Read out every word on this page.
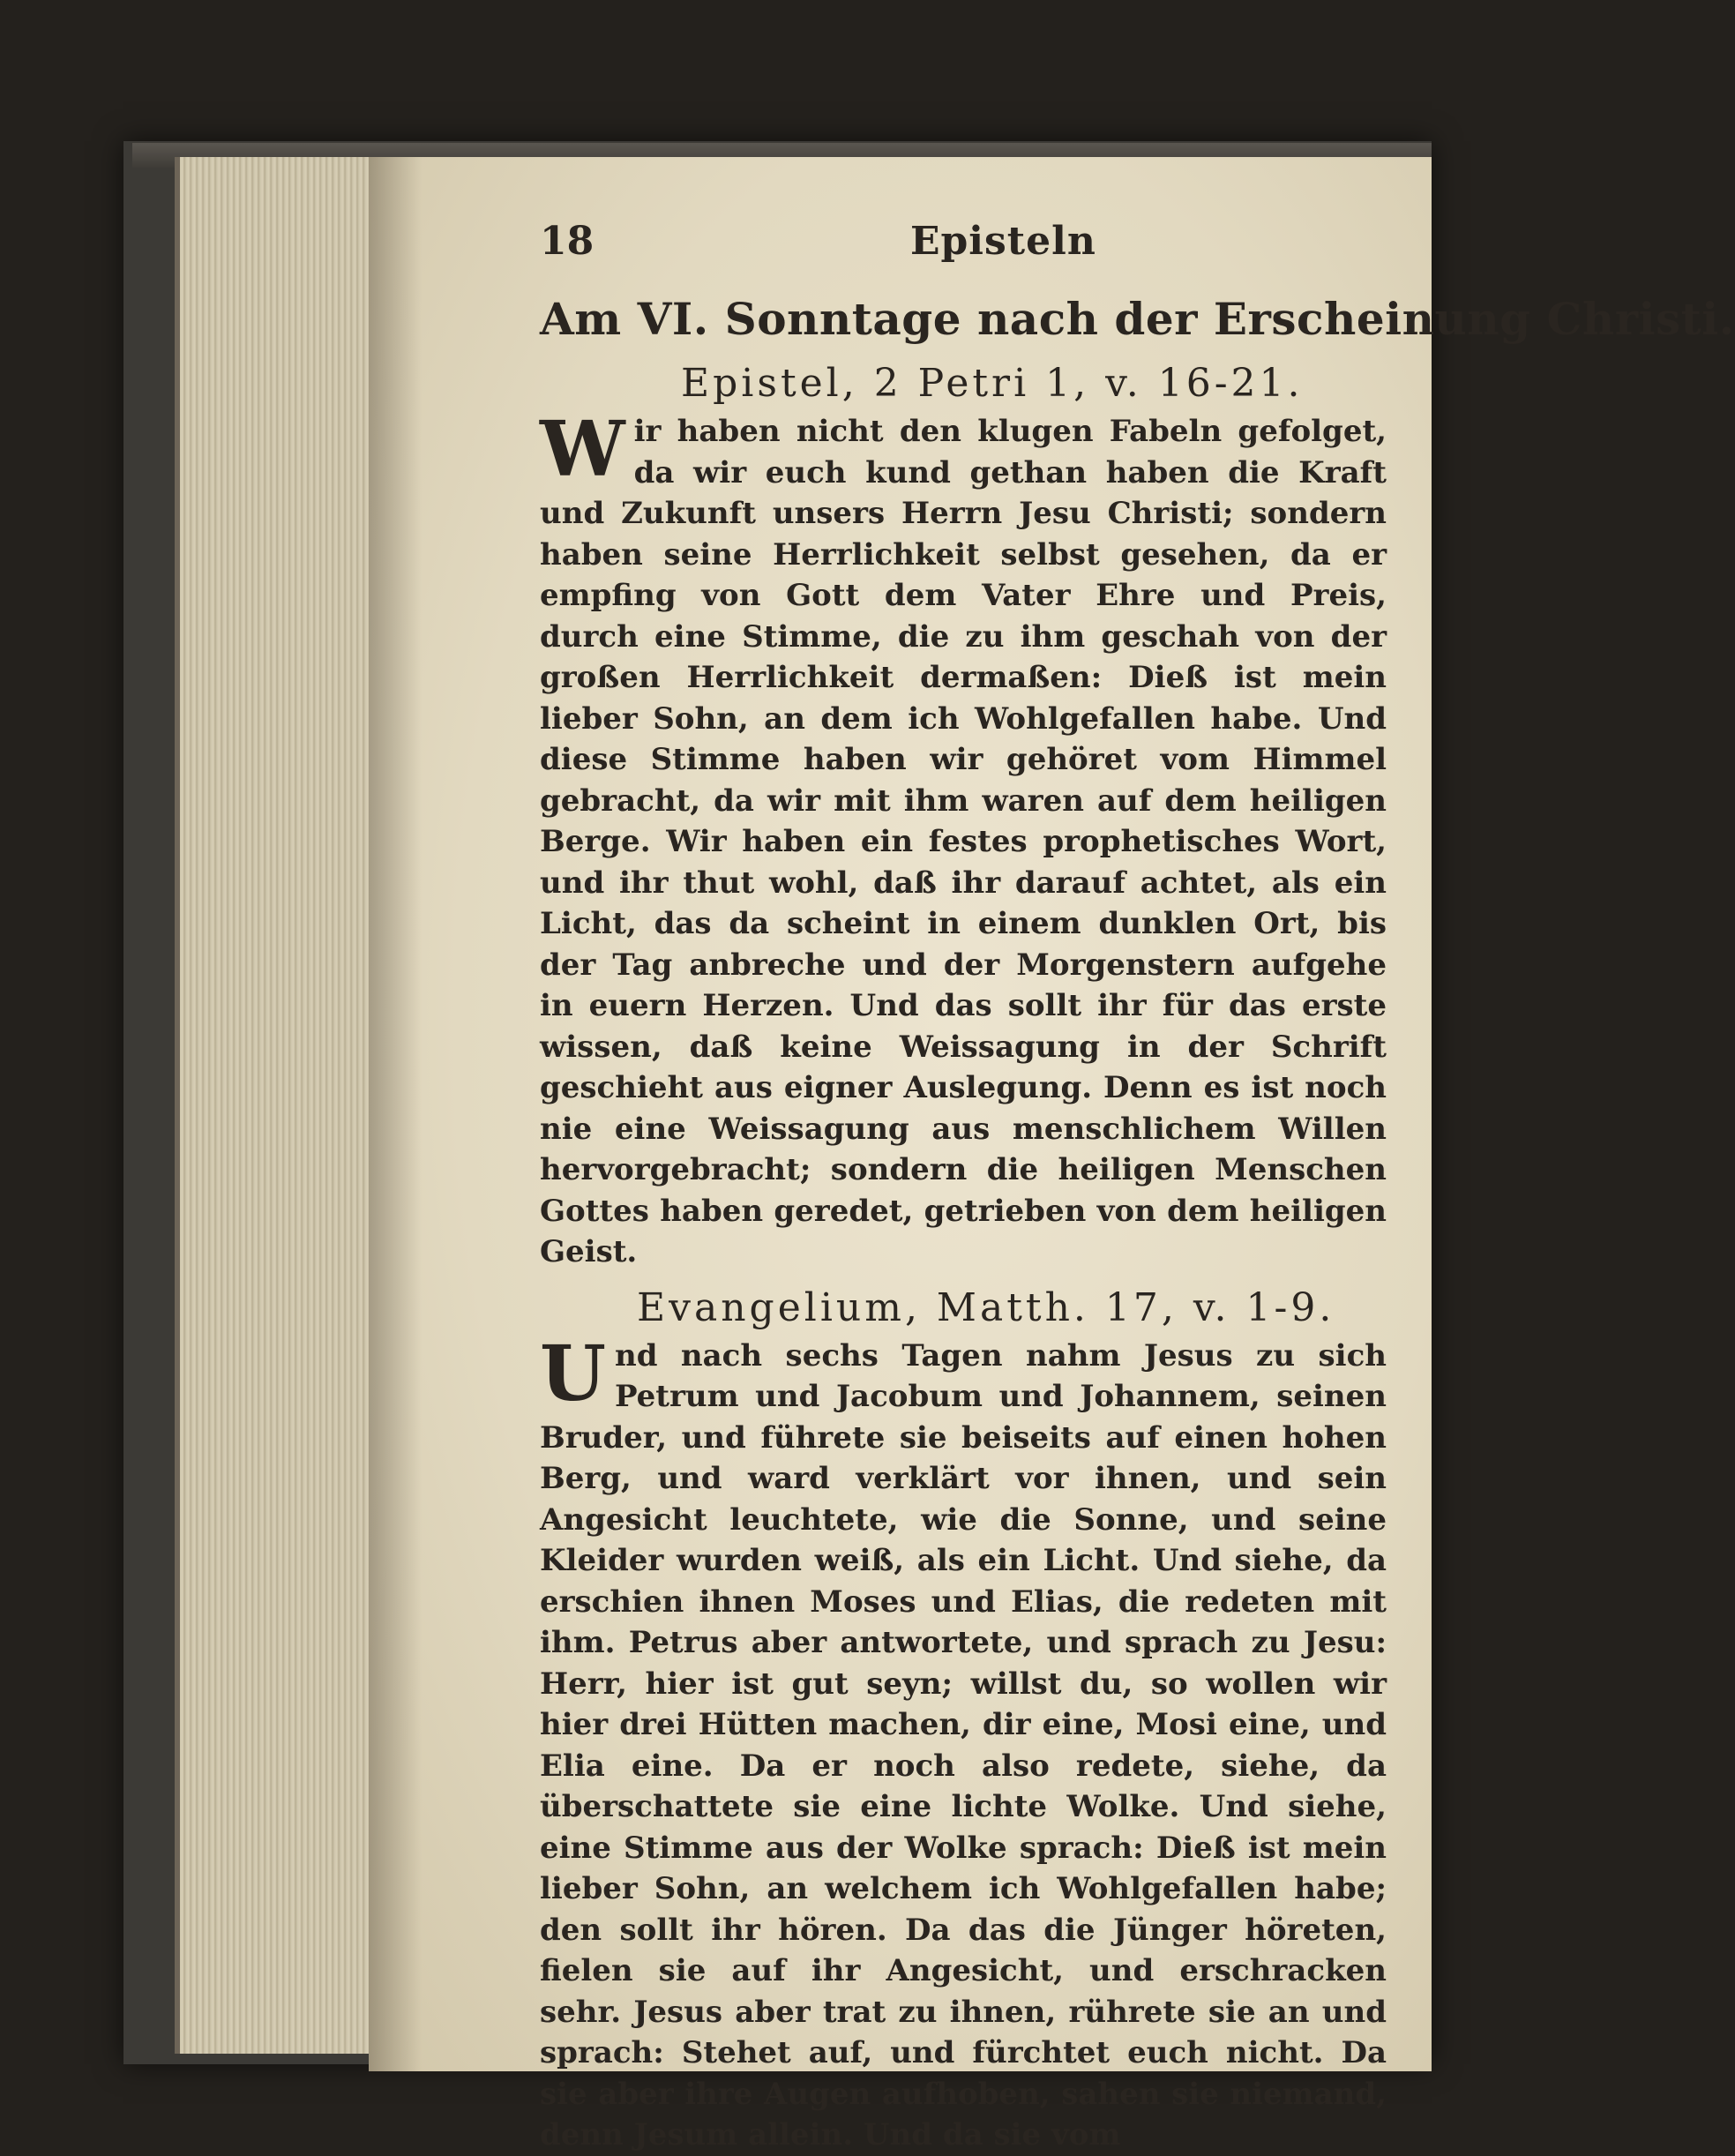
18	Episteln
Am VI. Sonntage nach der Erscheinung Christi.
Epistel, 2 Petri 1, v. 16-21.

Wir haben nicht den klugen Fabeln gefolget, da wir euch kund gethan haben die Kraft und Zukunft unsers Herrn Jesu Christi; sondern haben seine Herrlichkeit selbst gesehen, da er empfing von Gott dem Vater Ehre und Preis, durch eine Stimme, die zu ihm geschah von der großen Herrlichkeit dermaßen: Dieß ist mein lieber Sohn, an dem ich Wohlgefallen habe. Und diese Stimme haben wir gehöret vom Himmel gebracht, da wir mit ihm waren auf dem heiligen Berge. Wir haben ein festes prophetisches Wort, und ihr thut wohl, daß ihr darauf achtet, als ein Licht, das da scheint in einem dunklen Ort, bis der Tag anbreche und der Morgenstern aufgehe in euern Herzen. Und das sollt ihr für das erste wissen, daß keine Weissagung in der Schrift geschieht aus eigner Auslegung. Denn es ist noch nie eine Weissagung aus menschlichem Willen hervorgebracht; sondern die heiligen Menschen Gottes haben geredet, getrieben von dem heiligen Geist.

Evangelium, Matth. 17, v. 1-9.

Und nach sechs Tagen nahm Jesus zu sich Petrum und Jacobum und Johannem, seinen Bruder, und führete sie beiseits auf einen hohen Berg, und ward verklärt vor ihnen, und sein Angesicht leuchtete, wie die Sonne, und seine Kleider wurden weiß, als ein Licht. Und siehe, da erschien ihnen Moses und Elias, die redeten mit ihm. Petrus aber antwortete, und sprach zu Jesu: Herr, hier ist gut seyn; willst du, so wollen wir hier drei Hütten machen, dir eine, Mosi eine, und Elia eine. Da er noch also redete, siehe, da überschattete sie eine lichte Wolke. Und siehe, eine Stimme aus der Wolke sprach: Dieß ist mein lieber Sohn, an welchem ich Wohlgefallen habe; den sollt ihr hören. Da das die Jünger höreten, fielen sie auf ihr Angesicht, und erschracken sehr. Jesus aber trat zu ihnen, rührete sie an und sprach: Stehet auf, und fürchtet euch nicht. Da sie aber ihre Augen aufhoben, sahen sie niemand, denn Jesum allein. Und da sie vom
